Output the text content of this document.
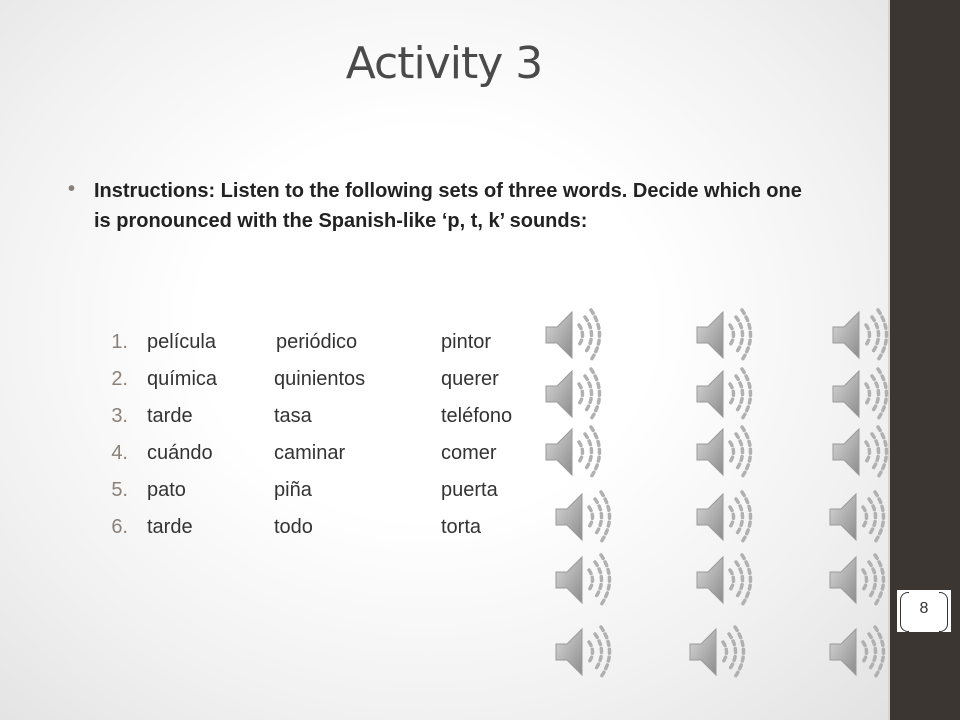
Activity 3
• Instructions: Listen to the following sets of three words. Decide which one is pronounced with the Spanish-like ‘p, t, k’ sounds:
1. película	periódico	pintor
2. química	quinientos	querer
3. tarde	tasa	teléfono
4. cuándo	caminar	comer
5. pato	piña	puerta
6. tarde	todo	torta
8
